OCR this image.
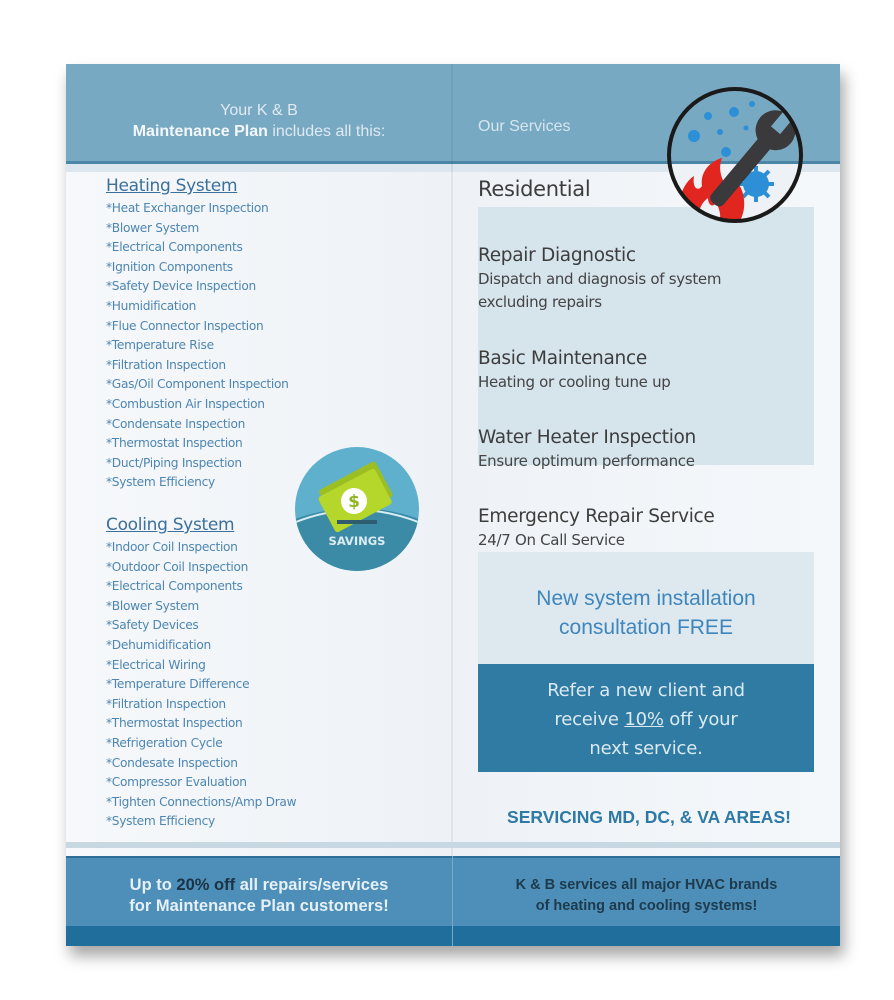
Your K & B
Maintenance Plan includes all this:	Our Services
Heating System
*Heat Exchanger Inspection
*Blower System
*Electrical Components
*Ignition Components
*Safety Device Inspection
*Humidification
*Flue Connector Inspection
*Temperature Rise
*Filtration Inspection
*Gas/Oil Component Inspection
*Combustion Air Inspection
*Condensate Inspection
*Thermostat Inspection
*Duct/Piping Inspection
*System Efficiency
Cooling System
*Indoor Coil Inspection
*Outdoor Coil Inspection
*Electrical Components
*Blower System
*Safety Devices
*Dehumidification
*Electrical Wiring
*Temperature Difference
*Filtration Inspection
*Thermostat Inspection
*Refrigeration Cycle
*Condesate Inspection
*Compressor Evaluation
*Tighten Connections/Amp Draw
*System Efficiency
$
SAVINGS
Residential
Repair Diagnostic
Dispatch and diagnosis of system
excluding repairs
Basic Maintenance
Heating or cooling tune up
Water Heater Inspection
Ensure optimum performance
Emergency Repair Service
24/7 On Call Service
New system installation
consultation FREE
Refer a new client and
receive 10% off your
next service.
SERVICING MD, DC, & VA AREAS!
Up to 20% off all repairs/services
for Maintenance Plan customers!
K & B services all major HVAC brands
of heating and cooling systems!
